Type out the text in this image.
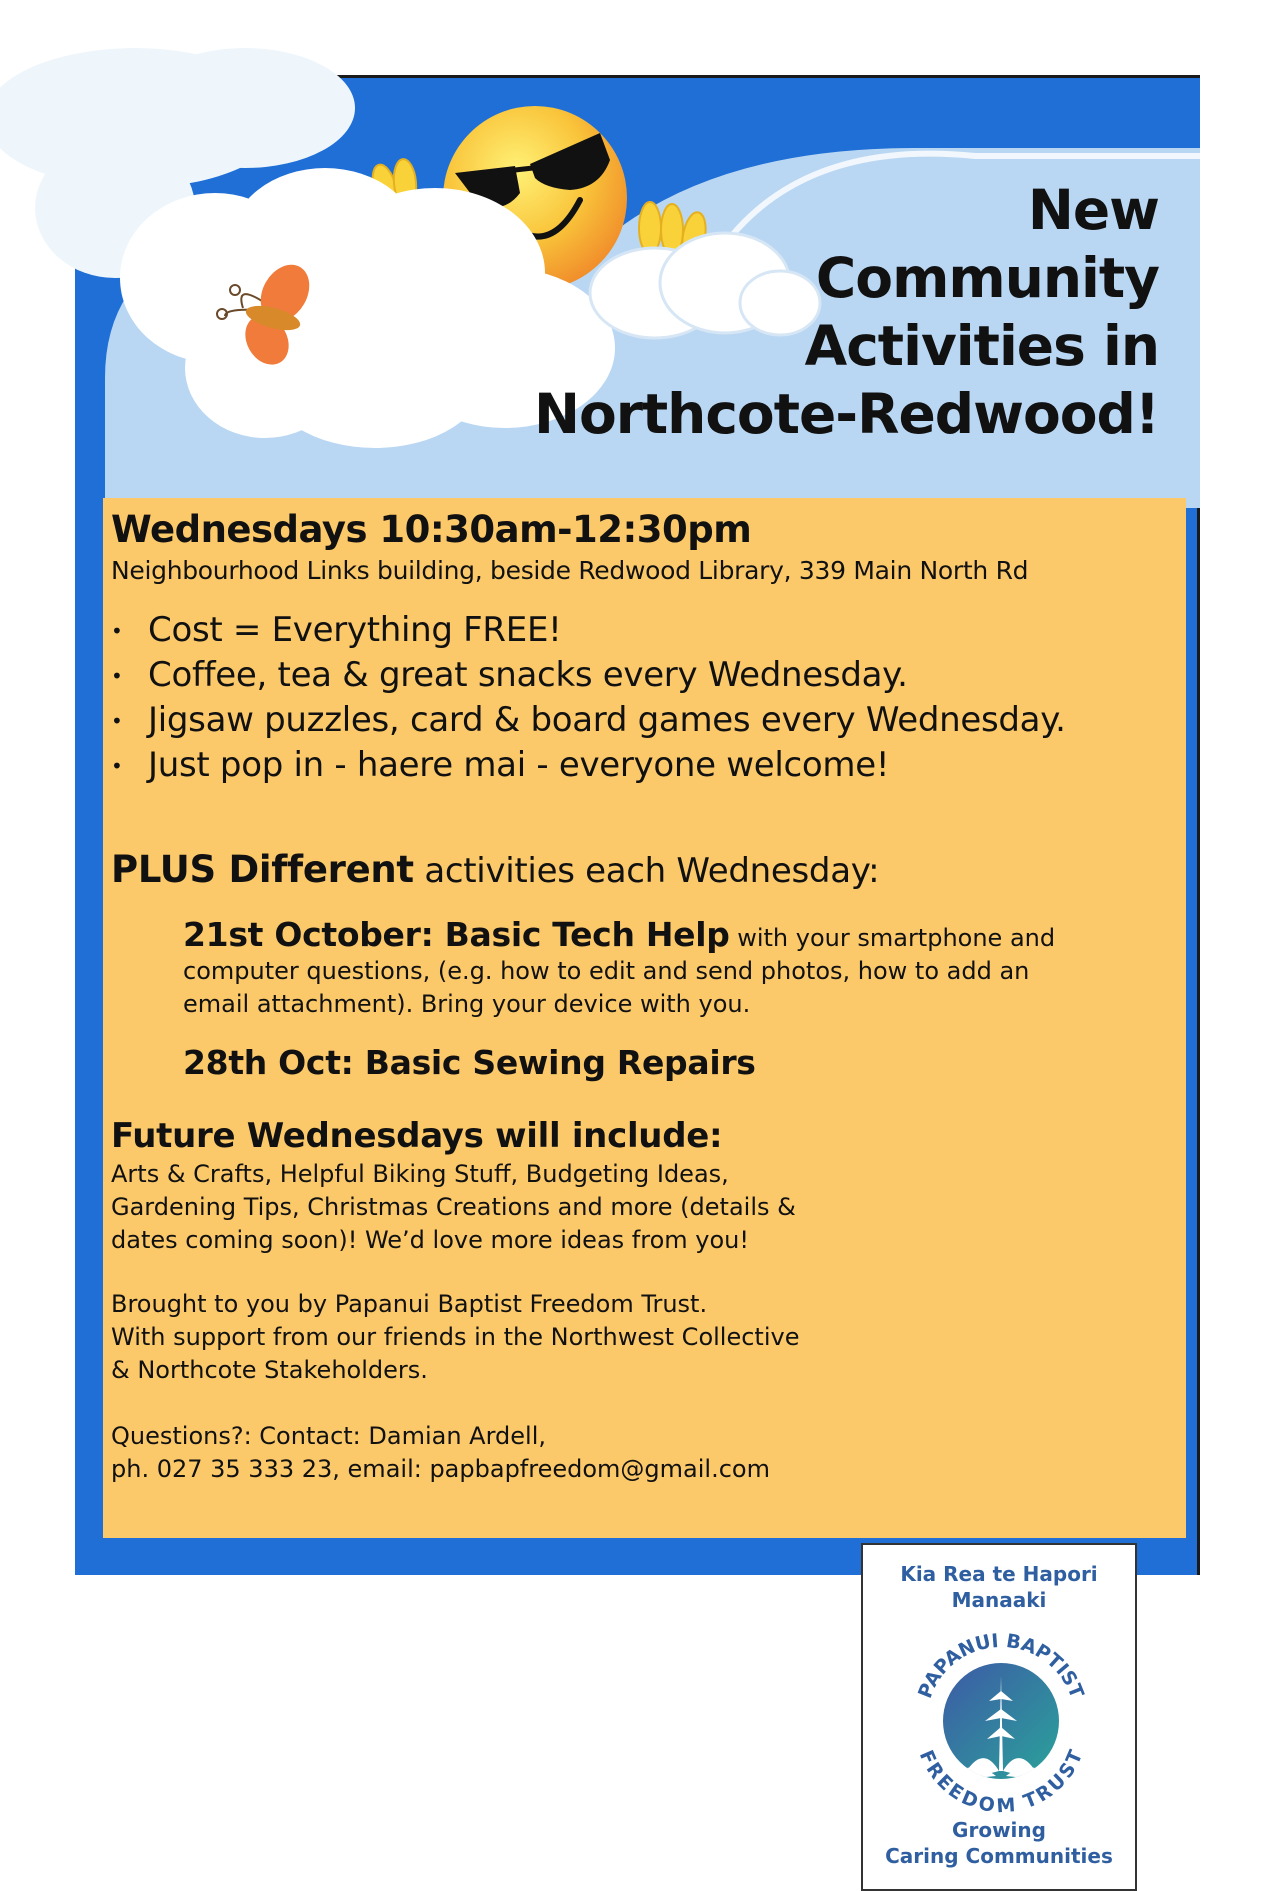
New
Community
Activities in
Northcote-Redwood!
Wednesdays 10:30am-12:30pm

Neighbourhood Links building, beside Redwood Library, 339 Main North Rd

• Cost = Everything FREE!
• Coffee, tea & great snacks every Wednesday.
• Jigsaw puzzles, card & board games every Wednesday.
• Just pop in - haere mai - everyone welcome!

PLUS Different activities each Wednesday:

21st October: Basic Tech Help with your smartphone and
computer questions, (e.g. how to edit and send photos, how to add an
email attachment). Bring your device with you.

28th Oct: Basic Sewing Repairs

Future Wednesdays will include:

Arts & Crafts, Helpful Biking Stuff, Budgeting Ideas,
Gardening Tips, Christmas Creations and more (details &
dates coming soon)! We’d love more ideas from you!

Brought to you by Papanui Baptist Freedom Trust.
With support from our friends in the Northwest Collective
& Northcote Stakeholders.

Questions?: Contact: Damian Ardell,
ph. 027 35 333 23, email: papbapfreedom@gmail.com

Kia Rea te Hapori
Manaaki
PAPANUI BAPTIST
FREEDOM TRUST
Growing
Caring Communities
